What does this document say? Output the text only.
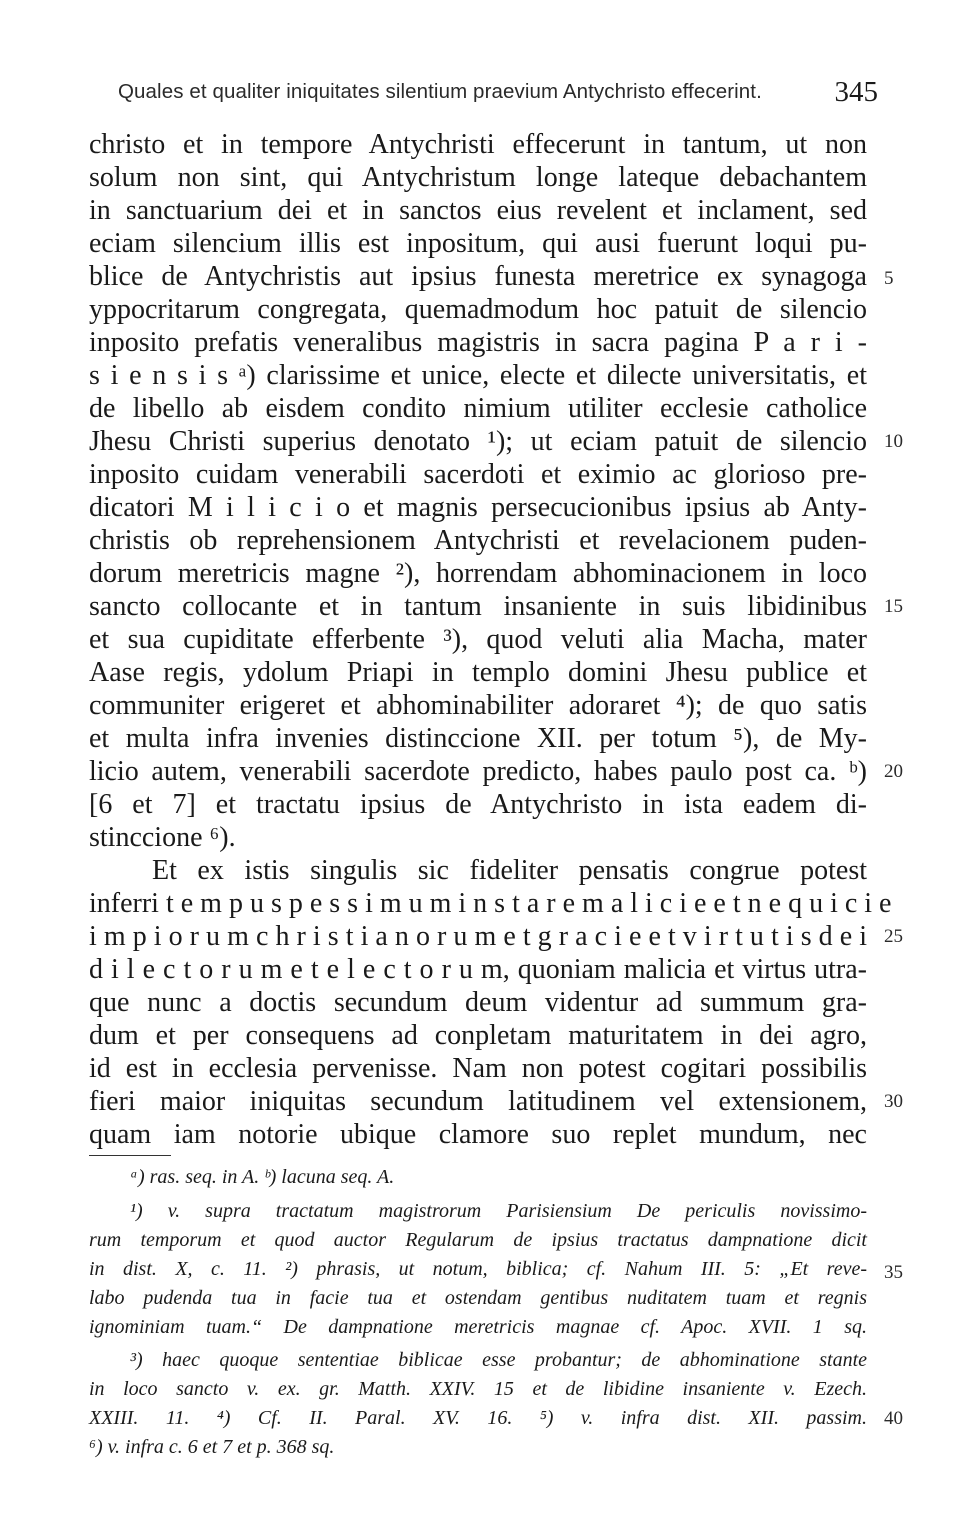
Quales et qualiter iniquitates silentium praevium Antychristo effecerint.	345
christo et in tempore Antychristi effecerunt in tantum, ut non
solum non sint, qui Antychristum longe lateque debachantem
in sanctuarium dei et in sanctos eius revelent et inclament, sed
eciam silencium illis est inpositum, qui ausi fuerunt loqui pu-
blice de Antychristis aut ipsius funesta meretrice ex synagoga
yppocritarum congregata, quemadmodum hoc patuit de silencio
inposito prefatis veneralibus magistris in sacra pagina P a r i -
s i e n s i s ᵃ) clarissime et unice, electe et dilecte universitatis, et
de libello ab eisdem condito nimium utiliter ecclesie catholice
Jhesu Christi superius denotato ¹); ut eciam patuit de silencio
inposito cuidam venerabili sacerdoti et eximio ac glorioso pre-
dicatori M i l i c i o et magnis persecucionibus ipsius ab Anty-
christis ob reprehensionem Antychristi et revelacionem puden-
dorum meretricis magne ²), horrendam abhominacionem in loco
sancto collocante et in tantum insaniente in suis libidinibus
et sua cupiditate efferbente ³), quod veluti alia Macha, mater
Aase regis, ydolum Priapi in templo domini Jhesu publice et
communiter erigeret et abhominabiliter adoraret ⁴); de quo satis
et multa infra invenies distinccione XII. per totum ⁵), de My-
licio autem, venerabili sacerdote predicto, habes paulo post ca. ᵇ)
[6 et 7] et tractatu ipsius de Antychristo in ista eadem di-
stinccione ⁶).
Et ex istis singulis sic fideliter pensatis congrue potest
inferri t e m p u s p e s s i m u m i n s t a r e m a l i c i e e t n e q u i c i e
i m p i o r u m c h r i s t i a n o r u m e t g r a c i e e t v i r t u t i s d e i
d i l e c t o r u m e t e l e c t o r u m, quoniam malicia et virtus utra-
que nunc a doctis secundum deum videntur ad summum gra-
dum et per consequens ad conpletam maturitatem in dei agro,
id est in ecclesia pervenisse. Nam non potest cogitari possibilis
fieri maior iniquitas secundum latitudinem vel extensionem,
quam iam notorie ubique clamore suo replet mundum, nec
5
10
15
20
25
30
ᵃ) ras. seq. in A. ᵇ) lacuna seq. A.
¹) v. supra tractatum magistrorum Parisiensium De periculis novissimo-
rum temporum et quod auctor Regularum de ipsius tractatus dampnatione dicit
in dist. X, c. 11. ²) phrasis, ut notum, biblica; cf. Nahum III. 5: „Et reve-
labo pudenda tua in facie tua et ostendam gentibus nuditatem tuam et regnis
ignominiam tuam.“ De dampnatione meretricis magnae cf. Apoc. XVII. 1 sq.
³) haec quoque sententiae biblicae esse probantur; de abhominatione stante
in loco sancto v. ex. gr. Matth. XXIV. 15 et de libidine insaniente v. Ezech.
XXIII. 11. ⁴) Cf. II. Paral. XV. 16. ⁵) v. infra dist. XII. passim.
⁶) v. infra c. 6 et 7 et p. 368 sq.
35
40
